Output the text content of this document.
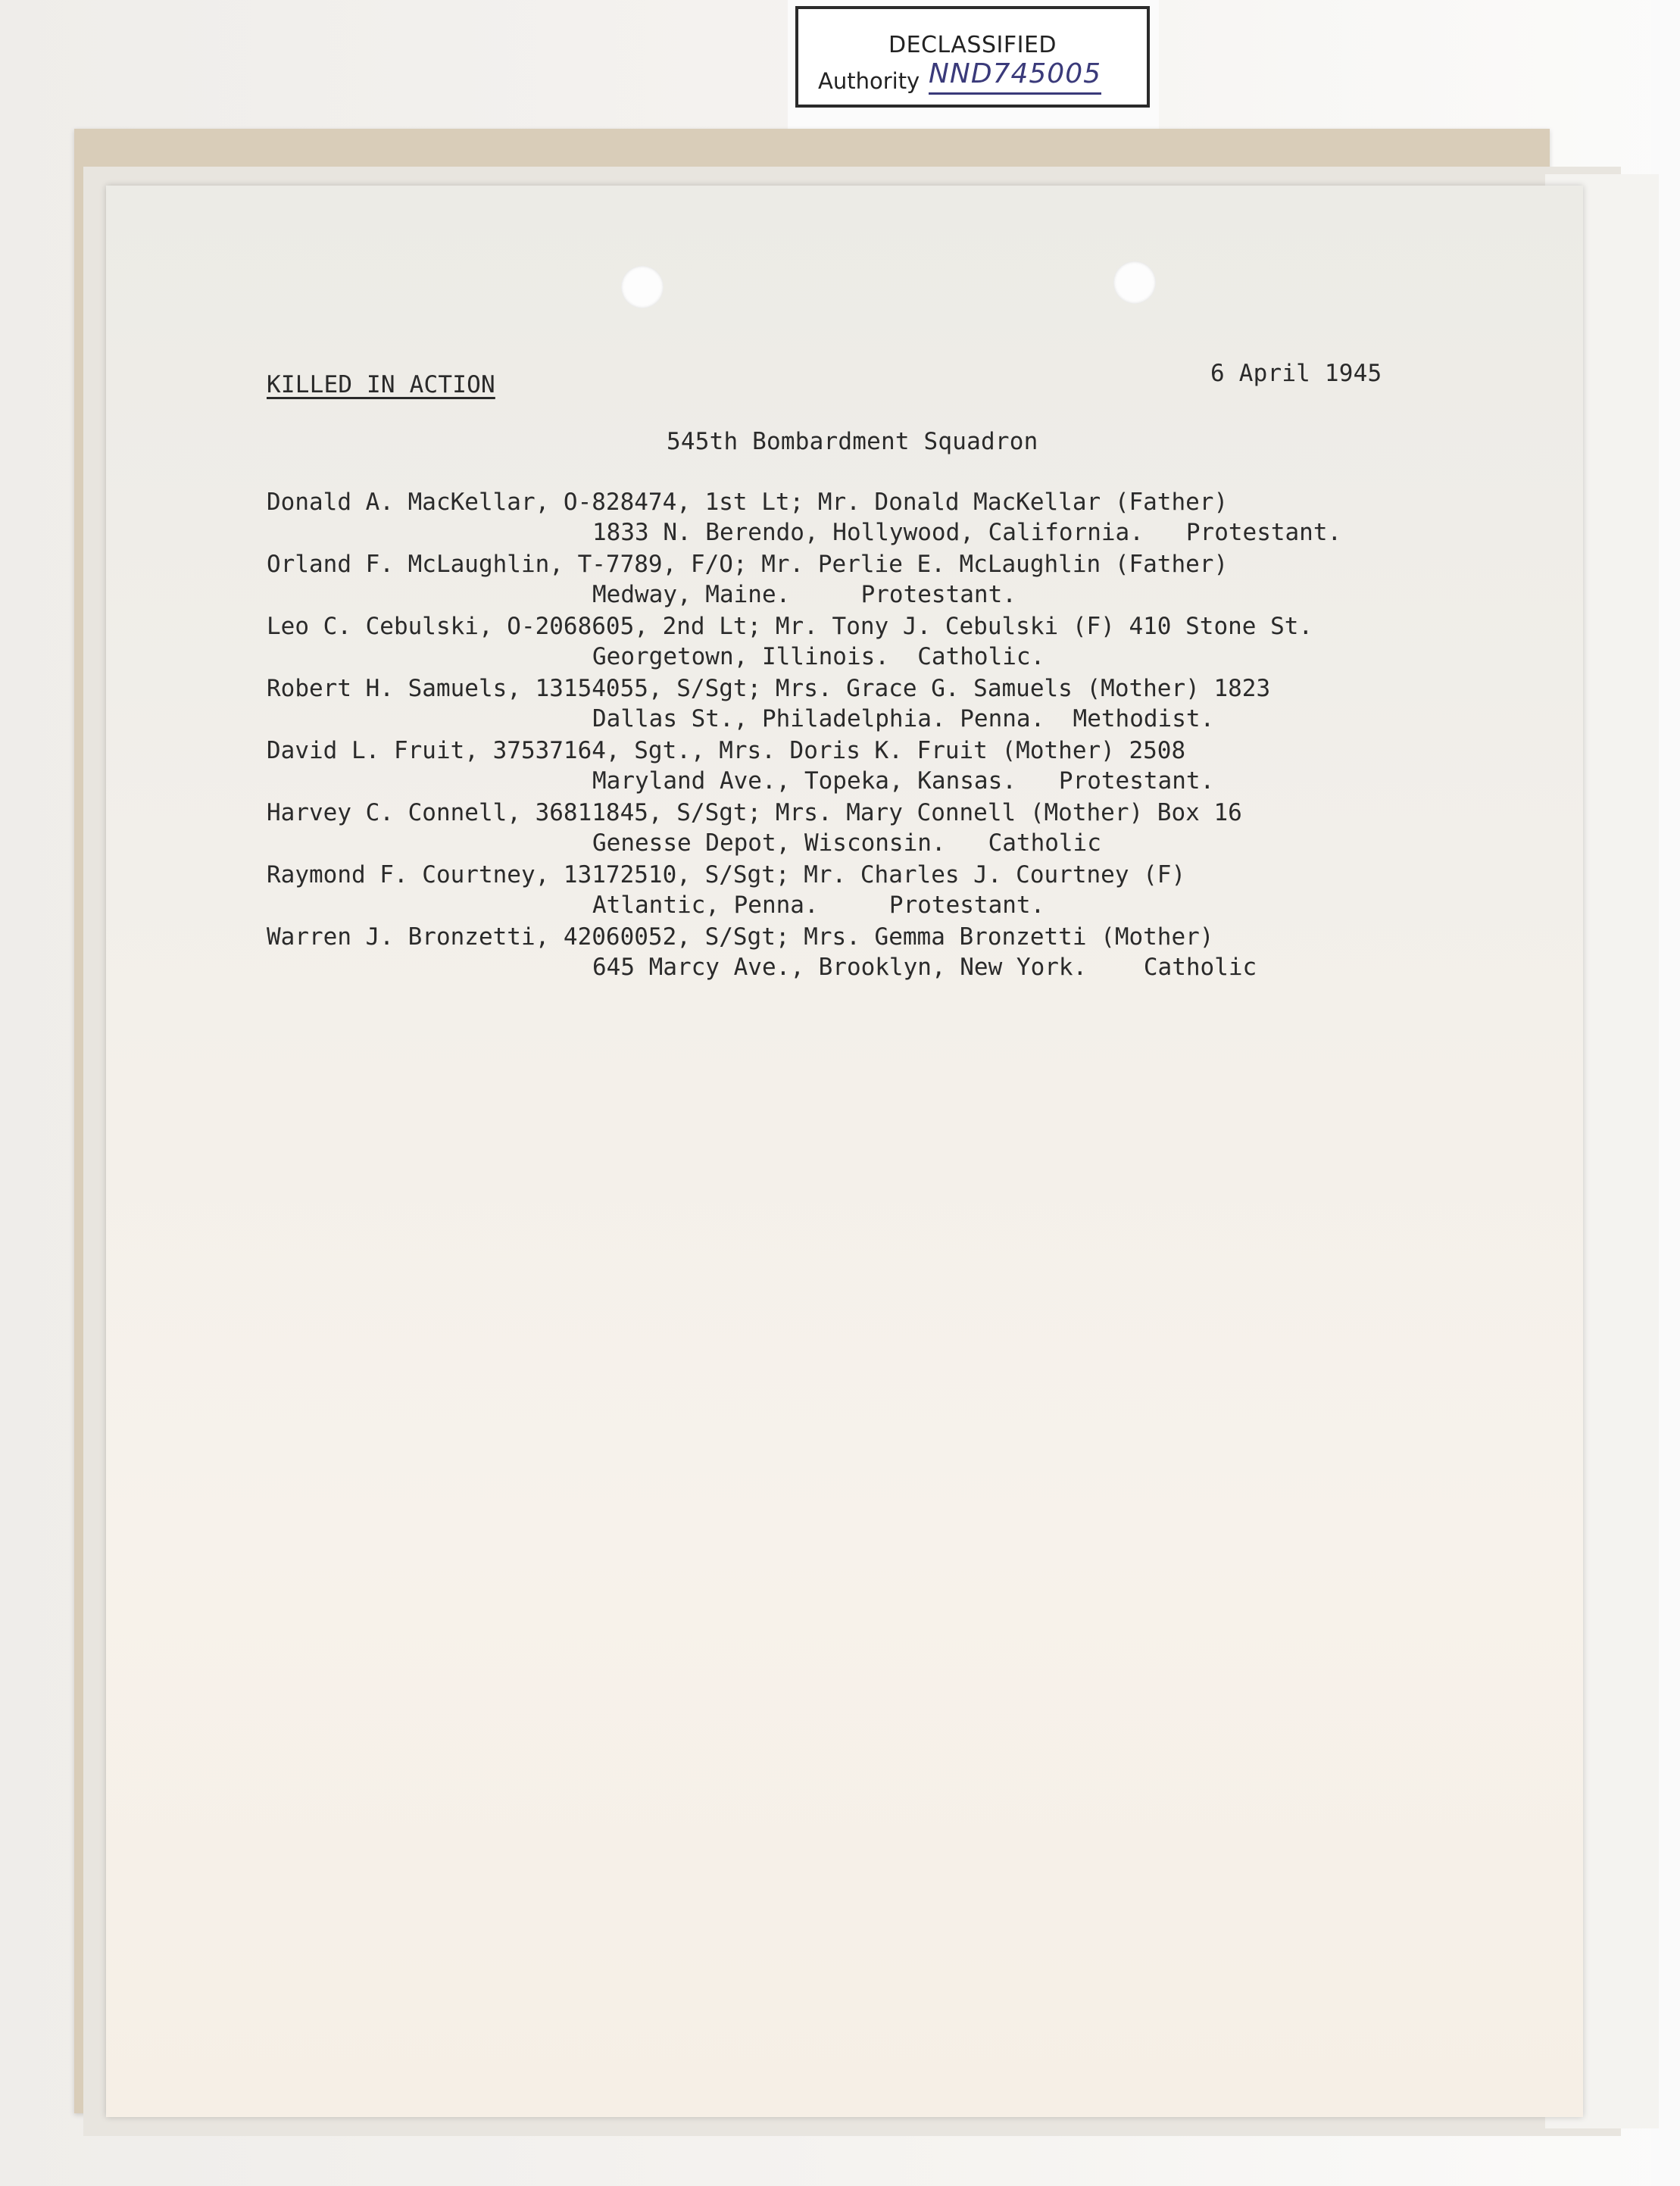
DECLASSIFIED
Authority NND745005
KILLED IN ACTION	6 April 1945
545th Bombardment Squadron
Donald A. MacKellar, O-828474, 1st Lt; Mr. Donald MacKellar (Father)
1833 N. Berendo, Hollywood, California.   Protestant.
Orland F. McLaughlin, T-7789, F/O; Mr. Perlie E. McLaughlin (Father)
Medway, Maine.     Protestant.
Leo C. Cebulski, O-2068605, 2nd Lt; Mr. Tony J. Cebulski (F) 410 Stone St.
Georgetown, Illinois.  Catholic.
Robert H. Samuels, 13154055, S/Sgt; Mrs. Grace G. Samuels (Mother) 1823
Dallas St., Philadelphia. Penna.  Methodist.
David L. Fruit, 37537164, Sgt., Mrs. Doris K. Fruit (Mother) 2508
Maryland Ave., Topeka, Kansas.   Protestant.
Harvey C. Connell, 36811845, S/Sgt; Mrs. Mary Connell (Mother) Box 16
Genesse Depot, Wisconsin.   Catholic
Raymond F. Courtney, 13172510, S/Sgt; Mr. Charles J. Courtney (F)
Atlantic, Penna.     Protestant.
Warren J. Bronzetti, 42060052, S/Sgt; Mrs. Gemma Bronzetti (Mother)
645 Marcy Ave., Brooklyn, New York.    Catholic
